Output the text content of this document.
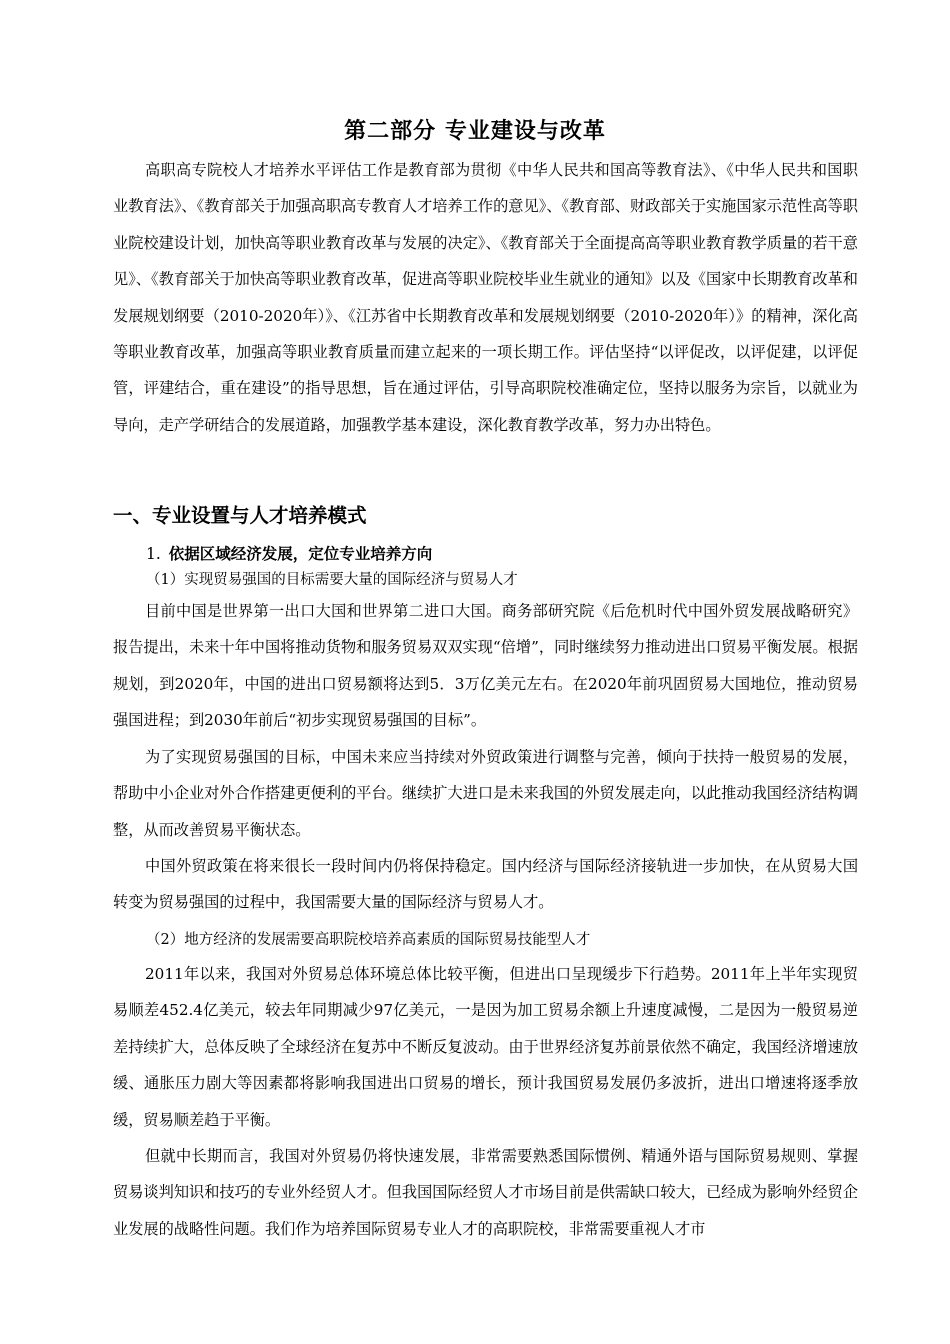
第二部分 专业建设与改革

高职高专院校人才培养水平评估工作是教育部为贯彻《中华人民共和国高等教育法》、《中华人民共和国职业教育法》、《教育部关于加强高职高专教育人才培养工作的意见》、《教育部、财政部关于实施国家示范性高等职业院校建设计划，加快高等职业教育改革与发展的决定》、《教育部关于全面提高高等职业教育教学质量的若干意见》、《教育部关于加快高等职业教育改革，促进高等职业院校毕业生就业的通知》以及《国家中长期教育改革和发展规划纲要（2010-2020年）》、《江苏省中长期教育改革和发展规划纲要（2010-2020年）》的精神，深化高等职业教育改革，加强高等职业教育质量而建立起来的一项长期工作。评估坚持“以评促改，以评促建，以评促管，评建结合，重在建设”的指导思想，旨在通过评估，引导高职院校准确定位，坚持以服务为宗旨，以就业为导向，走产学研结合的发展道路，加强教学基本建设，深化教育教学改革，努力办出特色。

一、专业设置与人才培养模式
1. 依据区域经济发展，定位专业培养方向
（1）实现贸易强国的目标需要大量的国际经济与贸易人才

目前中国是世界第一出口大国和世界第二进口大国。商务部研究院《后危机时代中国外贸发展战略研究》报告提出，未来十年中国将推动货物和服务贸易双双实现“倍增”，同时继续努力推动进出口贸易平衡发展。根据规划，到2020年，中国的进出口贸易额将达到5．3万亿美元左右。在2020年前巩固贸易大国地位，推动贸易强国进程；到2030年前后“初步实现贸易强国的目标”。

为了实现贸易强国的目标，中国未来应当持续对外贸政策进行调整与完善，倾向于扶持一般贸易的发展，帮助中小企业对外合作搭建更便利的平台。继续扩大进口是未来我国的外贸发展走向，以此推动我国经济结构调整，从而改善贸易平衡状态。

中国外贸政策在将来很长一段时间内仍将保持稳定。国内经济与国际经济接轨进一步加快，在从贸易大国转变为贸易强国的过程中，我国需要大量的国际经济与贸易人才。

（2）地方经济的发展需要高职院校培养高素质的国际贸易技能型人才

2011年以来，我国对外贸易总体环境总体比较平衡，但进出口呈现缓步下行趋势。2011年上半年实现贸易顺差452.4亿美元，较去年同期减少97亿美元，一是因为加工贸易余额上升速度减慢，二是因为一般贸易逆差持续扩大，总体反映了全球经济在复苏中不断反复波动。由于世界经济复苏前景依然不确定，我国经济增速放缓、通胀压力剧大等因素都将影响我国进出口贸易的增长，预计我国贸易发展仍多波折，进出口增速将逐季放缓，贸易顺差趋于平衡。

但就中长期而言，我国对外贸易仍将快速发展，非常需要熟悉国际惯例、精通外语与国际贸易规则、掌握贸易谈判知识和技巧的专业外经贸人才。但我国国际经贸人才市场目前是供需缺口较大，已经成为影响外经贸企业发展的战略性问题。我们作为培养国际贸易专业人才的高职院校，非常需要重视人才市
